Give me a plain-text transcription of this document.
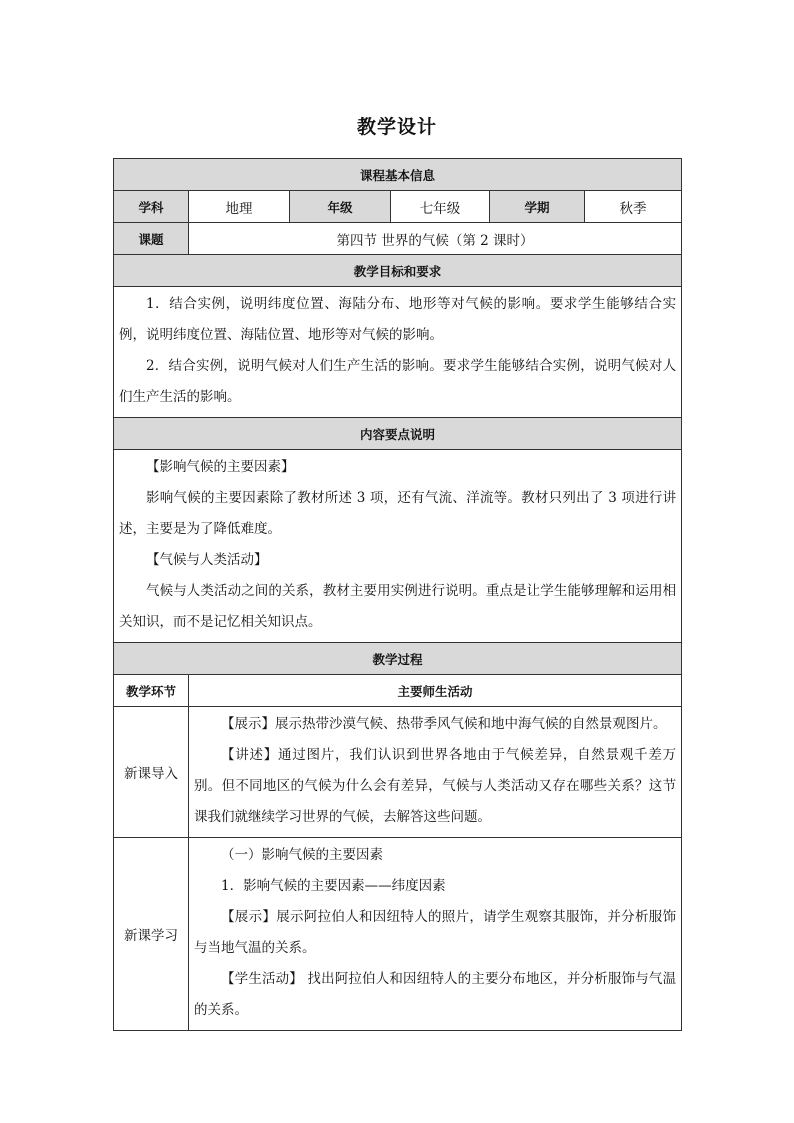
教学设计
课程基本信息					
学科	地理	年级	七年级	学期	秋季
课题	第四节 世界的气候（第 2 课时）				
教学目标和要求					

1．结合实例，说明纬度位置、海陆分布、地形等对气候的影响。要求学生能够结合实例，说明纬度位置、海陆位置、地形等对气候的影响。

2．结合实例，说明气候对人们生产生活的影响。要求学生能够结合实例，说明气候对人们生产生活的影响。					

内容要点说明					

【影响气候的主要因素】

影响气候的主要因素除了教材所述 3 项，还有气流、洋流等。教材只列出了 3 项进行讲述，主要是为了降低难度。

【气候与人类活动】

气候与人类活动之间的关系，教材主要用实例进行说明。重点是让学生能够理解和运用相关知识，而不是记忆相关知识点。					

教学过程					
教学环节	主要师生活动				
新课导入	【展示】展示热带沙漠气候、热带季风气候和地中海气候的自然景观图片。

【讲述】通过图片，我们认识到世界各地由于气候差异，自然景观千差万别。但不同地区的气候为什么会有差异，气候与人类活动又存在哪些关系？这节课我们就继续学习世界的气候，去解答这些问题。				

新课学习	（一）影响气候的主要因素

1．影响气候的主要因素——纬度因素

【展示】展示阿拉伯人和因纽特人的照片，请学生观察其服饰，并分析服饰与当地气温的关系。

【学生活动】 找出阿拉伯人和因纽特人的主要分布地区，并分析服饰与气温的关系。				
